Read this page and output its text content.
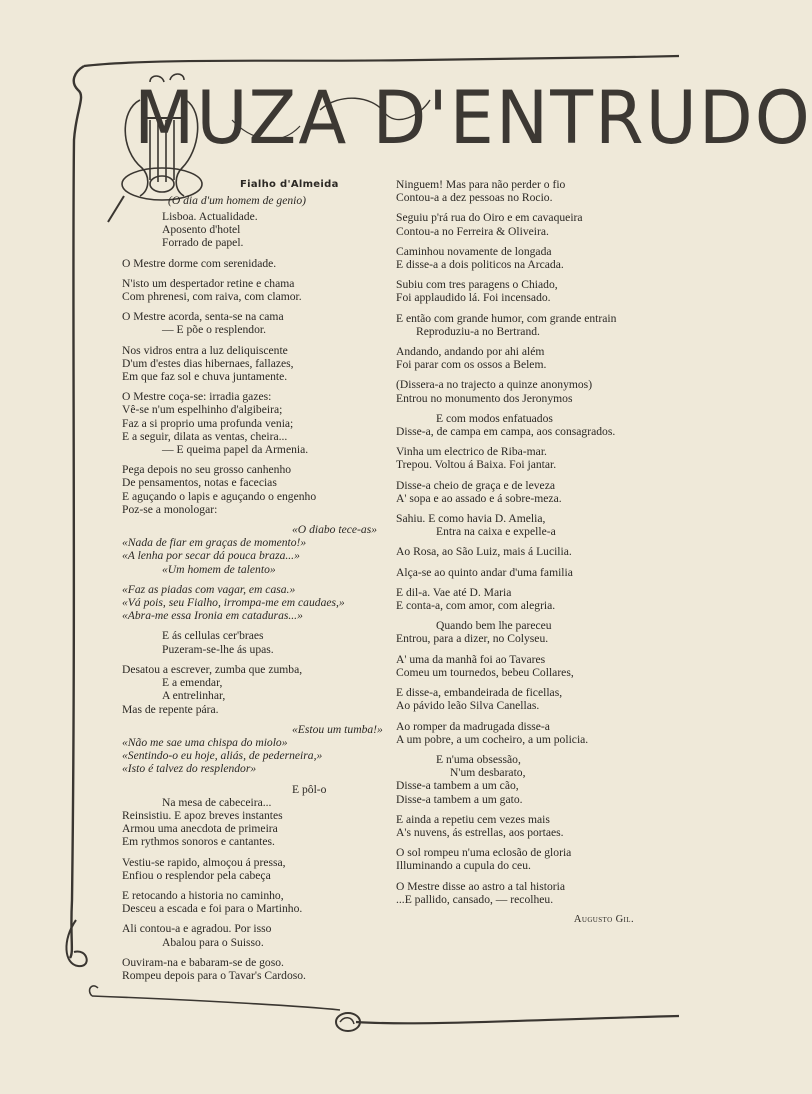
MUZA D'ENTRUDO
Fialho d'Almeida
(O dia d'um homem de genio)
Lisboa. Actualidade.
Aposento d'hotel
Forrado de papel.
O Mestre dorme com serenidade.
N'isto um despertador retine e chama
Com phrenesi, com raiva, com clamor.
O Mestre acorda, senta-se na cama
— E põe o resplendor.
Nos vidros entra a luz deliquiscente
D'um d'estes dias hibernaes, fallazes,
Em que faz sol e chuva juntamente.
O Mestre coça-se: irradia gazes:
Vê-se n'um espelhinho d'algibeira;
Faz a si proprio uma profunda venia;
E a seguir, dilata as ventas, cheira...
— E queima papel da Armenia.
Pega depois no seu grosso canhenho
De pensamentos, notas e facecias
E aguçando o lapis e aguçando o engenho
Poz-se a monologar:
«O diabo tece-as»
«Nada de fiar em graças de momento!»
«A lenha por secar dá pouca braza...»
«Um homem de talento»
«Faz as piadas com vagar, em casa.»
«Vá pois, seu Fialho, irrompa-me em caudaes,»
«Abra-me essa Ironia em cataduras...»
E ás cellulas cer'braes
Puzeram-se-lhe ás upas.
Desatou a escrever, zumba que zumba,
E a emendar,
A entrelinhar,
Mas de repente pára.
«Estou um tumba!»
«Não me sae uma chispa do miolo»
«Sentindo-o eu hoje, aliás, de pederneira,»
«Isto é talvez do resplendor»
E pôl-o
Na mesa de cabeceira...
Reinsistiu. E apoz breves instantes
Armou uma anecdota de primeira
Em rythmos sonoros e cantantes.
Vestiu-se rapido, almoçou á pressa,
Enfiou o resplendor pela cabeça
E retocando a historia no caminho,
Desceu a escada e foi para o Martinho.
Ali contou-a e agradou. Por isso
Abalou para o Suisso.
Ouviram-na e babaram-se de goso.
Rompeu depois para o Tavar's Cardoso.
Ninguem! Mas para não perder o fio
Contou-a a dez pessoas no Rocio.
Seguiu p'rá rua do Oiro e em cavaqueira
Contou-a no Ferreira & Oliveira.
Caminhou novamente de longada
E disse-a a dois politicos na Arcada.
Subiu com tres paragens o Chiado,
Foi applaudido lá. Foi incensado.
E então com grande humor, com grande entrain
Reproduziu-a no Bertrand.
Andando, andando por ahi além
Foi parar com os ossos a Belem.
(Dissera-a no trajecto a quinze anonymos)
Entrou no monumento dos Jeronymos
E com modos enfatuados
Disse-a, de campa em campa, aos consagrados.
Vinha um electrico de Riba-mar.
Trepou. Voltou á Baixa. Foi jantar.
Disse-a cheio de graça e de leveza
A' sopa e ao assado e á sobre-meza.
Sahiu. E como havia D. Amelia,
Entra na caixa e expelle-a
Ao Rosa, ao São Luiz, mais á Lucilia.
Alça-se ao quinto andar d'uma familia
E dil-a. Vae até D. Maria
E conta-a, com amor, com alegria.
Quando bem lhe pareceu
Entrou, para a dizer, no Colyseu.
A' uma da manhã foi ao Tavares
Comeu um tournedos, bebeu Collares,
E disse-a, embandeirada de ficellas,
Ao pávido leão Silva Canellas.
Ao romper da madrugada disse-a
A um pobre, a um cocheiro, a um policia.
E n'uma obsessão,
N'um desbarato,
Disse-a tambem a um cão,
Disse-a tambem a um gato.
E ainda a repetiu cem vezes mais
A's nuvens, ás estrellas, aos portaes.
O sol rompeu n'uma eclosão de gloria
Illuminando a cupula do ceu.
O Mestre disse ao astro a tal historia
...E pallido, cansado, — recolheu.
Augusto Gil.
